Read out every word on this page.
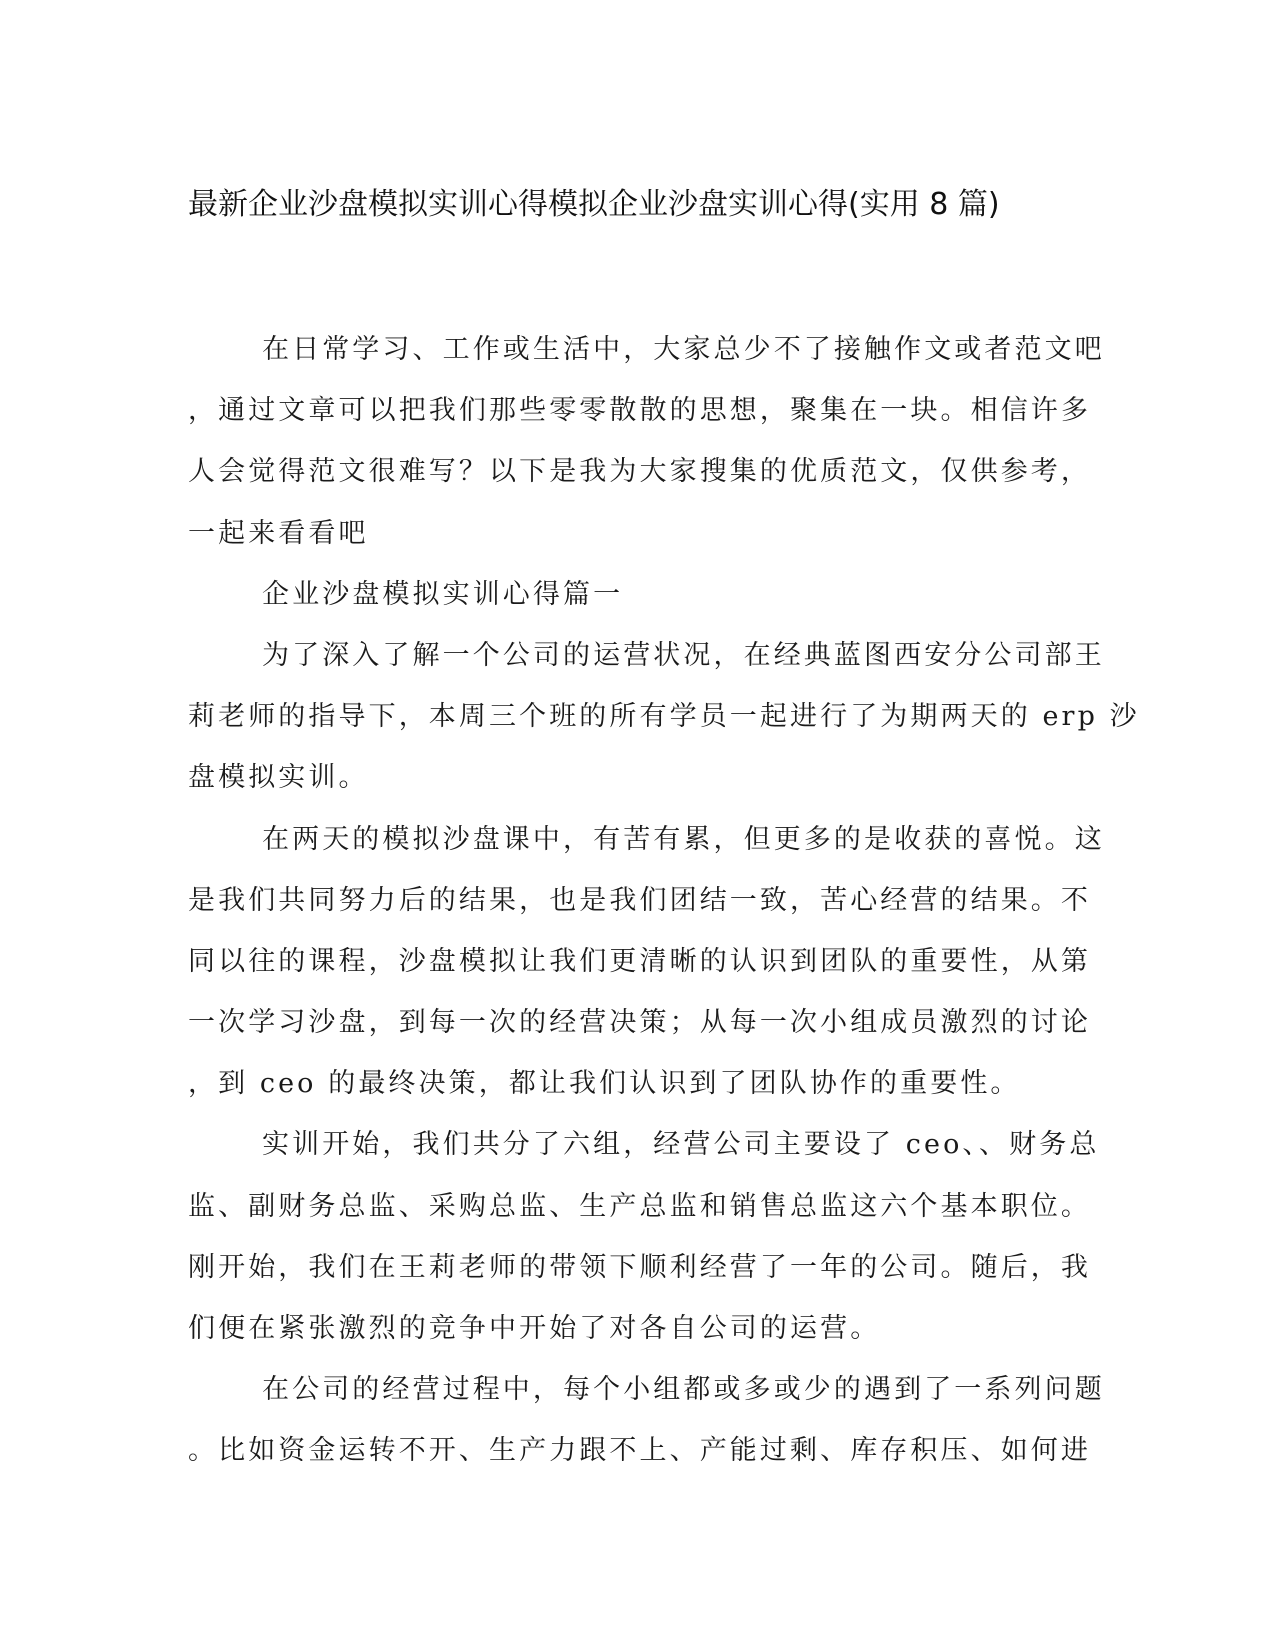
最新企业沙盘模拟实训心得模拟企业沙盘实训心得(实用 8 篇)
在日常学习、工作或生活中，大家总少不了接触作文或者范文吧
，通过文章可以把我们那些零零散散的思想，聚集在一块。相信许多
人会觉得范文很难写？以下是我为大家搜集的优质范文，仅供参考，
一起来看看吧
企业沙盘模拟实训心得篇一
为了深入了解一个公司的运营状况，在经典蓝图西安分公司部王
莉老师的指导下，本周三个班的所有学员一起进行了为期两天的 erp 沙
盘模拟实训。
在两天的模拟沙盘课中，有苦有累，但更多的是收获的喜悦。这
是我们共同努力后的结果，也是我们团结一致，苦心经营的结果。不
同以往的课程，沙盘模拟让我们更清晰的认识到团队的重要性，从第
一次学习沙盘，到每一次的经营决策；从每一次小组成员激烈的讨论
，到 ceo 的最终决策，都让我们认识到了团队协作的重要性。
实训开始，我们共分了六组，经营公司主要设了 ceo、、财务总
监、副财务总监、采购总监、生产总监和销售总监这六个基本职位。
刚开始，我们在王莉老师的带领下顺利经营了一年的公司。随后，我
们便在紧张激烈的竞争中开始了对各自公司的运营。
在公司的经营过程中，每个小组都或多或少的遇到了一系列问题
。比如资金运转不开、生产力跟不上、产能过剩、库存积压、如何进
